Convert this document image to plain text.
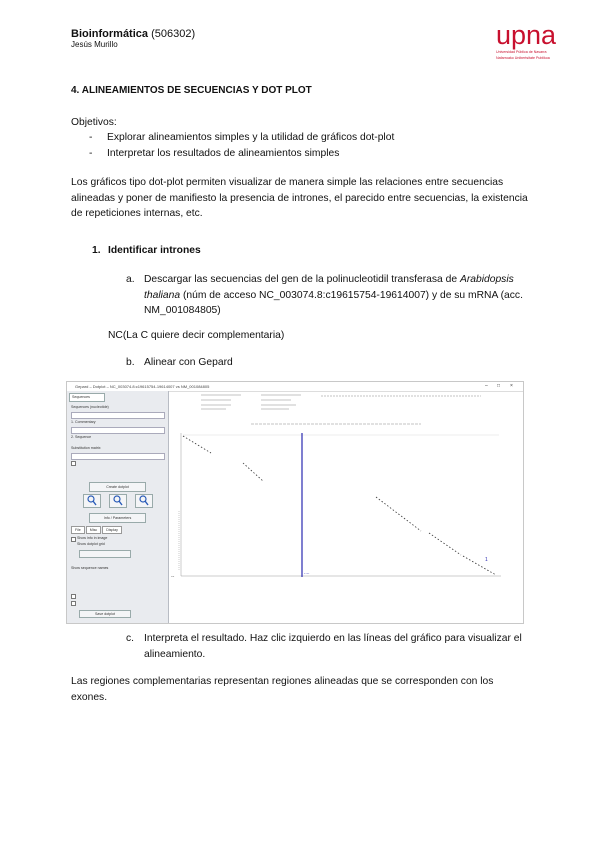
Bioinformática (506302)
Jesús Murillo	upna
Universidad Pública de Navarra
Nafarroako Unibertsitate Publikoa
4. ALINEAMIENTOS DE SECUENCIAS Y DOT PLOT
Objetivos:
-	Explorar alineamientos simples y la utilidad de gráficos dot-plot
-	Interpretar los resultados de alineamientos simples
Los gráficos tipo dot-plot permiten visualizar de manera simple las relaciones entre secuencias alineadas y poner de manifiesto la presencia de intrones, el parecido entre secuencias, la existencia de repeticiones internas, etc.
1. Identificar intrones
a. Descargar las secuencias del gen de la polinucleotidil transferasa de Arabidopsis thaliana (núm de acceso NC_003074.8:c19615754-19614007) y de su mRNA (acc. NM_001084805)
NC(La C quiere decir complementaria)
b. Alinear con Gepard
Gepard – Dotplot – NC_003074.8:c19615754-19614007 vs NM_001084805	– □ ×
Sequences
Sequences (nucleotide)
1. Commentary
2. Sequence
Substitution matrix
Create dotplot
Info / Parameters
File	Misc	Display
Show info in image
Show dotplot grid
Show sequence names
Save dotplot
1
....
--
c. Interpreta el resultado. Haz clic izquierdo en las líneas del gráfico para visualizar el alineamiento.
Las regiones complementarias representan regiones alineadas que se corresponden con los exones.
